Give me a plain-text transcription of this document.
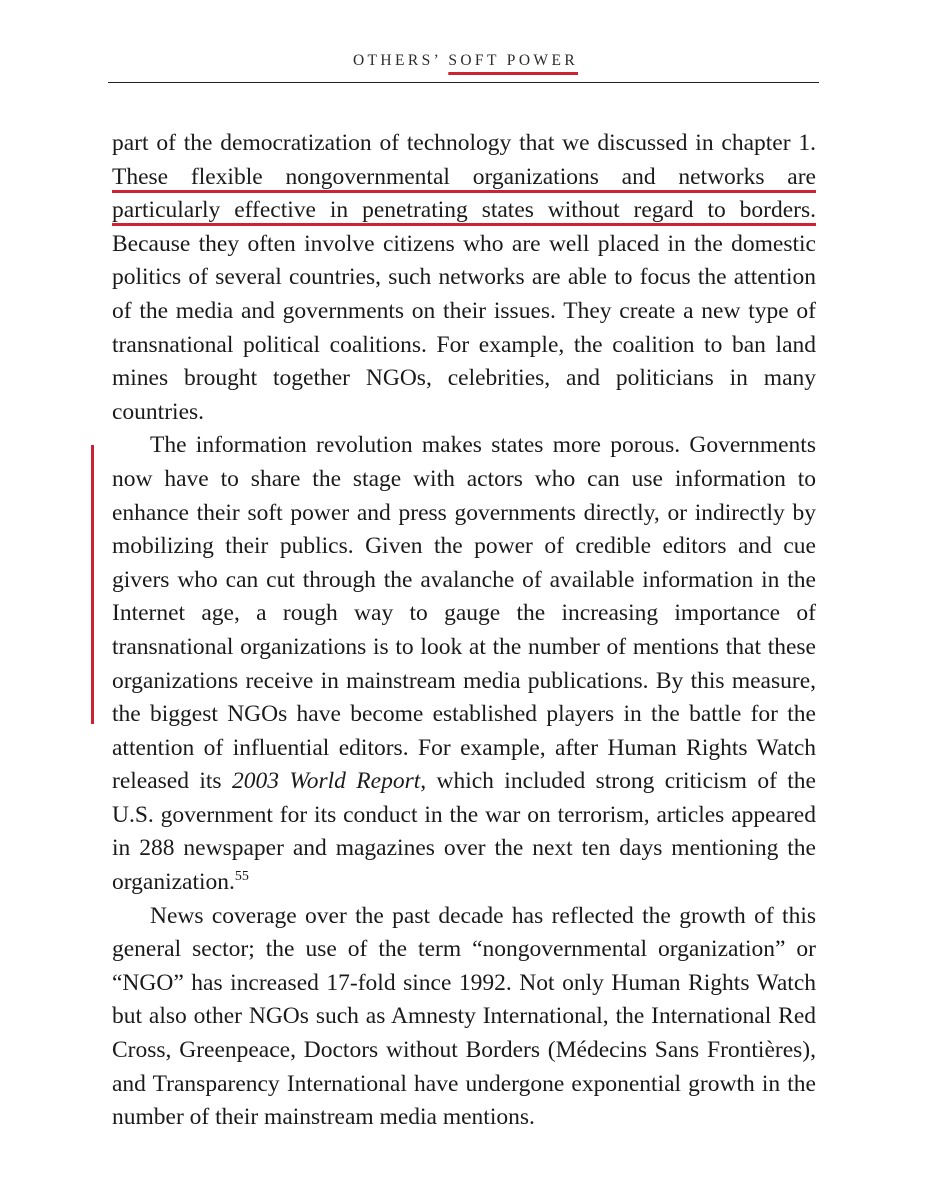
OTHERS’ SOFT POWER

part of the democratization of technology that we discussed in chapter 1. These flexible nongovernmental organizations and networks are particularly effective in penetrating states without regard to borders. Because they often involve citizens who are well placed in the domestic politics of several countries, such networks are able to focus the attention of the media and governments on their issues. They create a new type of transnational political coalitions. For example, the coalition to ban land mines brought together NGOs, celebrities, and politicians in many countries.

The information revolution makes states more porous. Governments now have to share the stage with actors who can use information to enhance their soft power and press governments directly, or indirectly by mobilizing their publics. Given the power of credible editors and cue givers who can cut through the avalanche of available information in the Internet age, a rough way to gauge the increasing importance of transnational organizations is to look at the number of mentions that these organizations receive in mainstream media publications. By this measure, the biggest NGOs have become established players in the battle for the attention of influential editors. For example, after Human Rights Watch released its 2003 World Report, which included strong criticism of the U.S. government for its conduct in the war on terrorism, articles appeared in 288 newspaper and magazines over the next ten days mentioning the organization.$^{55}$

News coverage over the past decade has reflected the growth of this general sector; the use of the term “nongovernmental organization” or “NGO” has increased 17-fold since 1992. Not only Human Rights Watch but also other NGOs such as Amnesty International, the International Red Cross, Greenpeace, Doctors without Borders (Médecins Sans Frontières), and Transparency International have undergone exponential growth in the number of their mainstream media mentions.
